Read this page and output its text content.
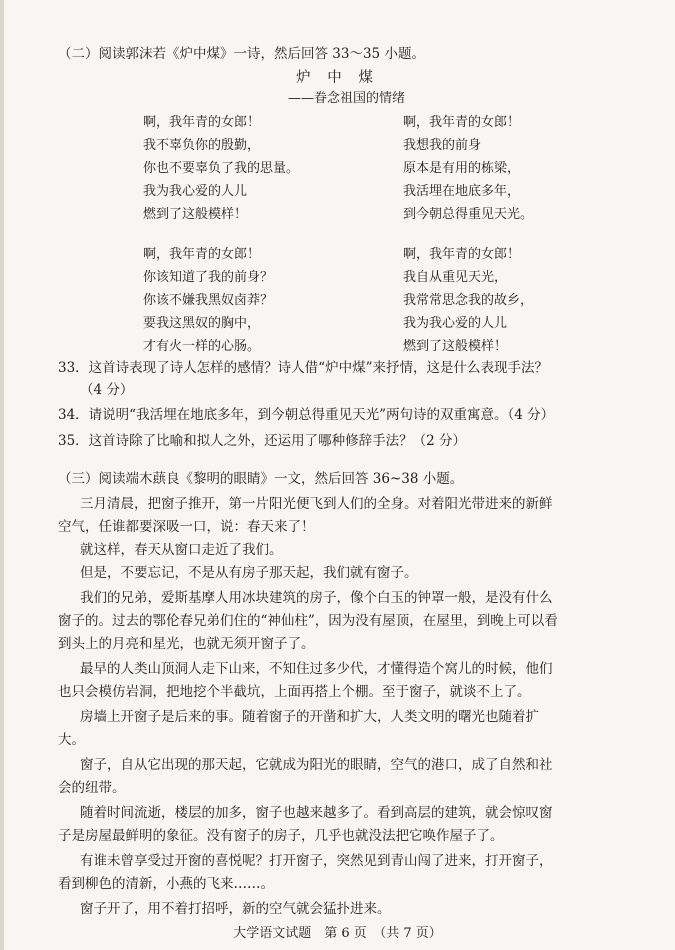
（二）阅读郭沫若《炉中煤》一诗，然后回答 33～35 小题。
炉 中 煤
——眷念祖国的情绪
啊，我年青的女郎！
我不辜负你的殷勤，
你也不要辜负了我的思量。
我为我心爱的人儿
燃到了这般模样！
啊，我年青的女郎！
你该知道了我的前身？
你该不嫌我黑奴卤莽？
要我这黑奴的胸中，
才有火一样的心肠。
啊，我年青的女郎！
我想我的前身
原本是有用的栋梁，
我活埋在地底多年，
到今朝总得重见天光。
啊，我年青的女郎！
我自从重见天光，
我常常思念我的故乡，
我为我心爱的人儿
燃到了这般模样！
33．这首诗表现了诗人怎样的感情？诗人借“炉中煤”来抒情，这是什么表现手法？
（4 分）
34．请说明“我活埋在地底多年，到今朝总得重见天光”两句诗的双重寓意。（4 分）
35．这首诗除了比喻和拟人之外，还运用了哪种修辞手法？（2 分）
（三）阅读端木蕻良《黎明的眼睛》一文，然后回答 36~38 小题。
三月清晨，把窗子推开，第一片阳光便飞到人们的全身。对着阳光带进来的新鲜
空气，任谁都要深吸一口，说：春天来了！
就这样，春天从窗口走近了我们。
但是，不要忘记，不是从有房子那天起，我们就有窗子。
我们的兄弟，爱斯基摩人用冰块建筑的房子，像个白玉的钟罩一般，是没有什么
窗子的。过去的鄂伦春兄弟们住的“神仙柱”，因为没有屋顶，在屋里，到晚上可以看
到头上的月亮和星光，也就无须开窗子了。
最早的人类山顶洞人走下山来，不知住过多少代，才懂得造个窝儿的时候，他们
也只会模仿岩洞，把地挖个半截坑，上面再搭上个棚。至于窗子，就谈不上了。
房墙上开窗子是后来的事。随着窗子的开凿和扩大，人类文明的曙光也随着扩
大。
窗子，自从它出现的那天起，它就成为阳光的眼睛，空气的港口，成了自然和社
会的纽带。
随着时间流逝，楼层的加多，窗子也越来越多了。看到高层的建筑，就会惊叹窗
子是房屋最鲜明的象征。没有窗子的房子，几乎也就没法把它唤作屋子了。
有谁未曾享受过开窗的喜悦呢？打开窗子，突然见到青山闯了进来，打开窗子，
看到柳色的清新，小燕的飞来……。
窗子开了，用不着打招呼，新的空气就会猛扑进来。
大学语文试题　第 6 页　（共 7 页）
